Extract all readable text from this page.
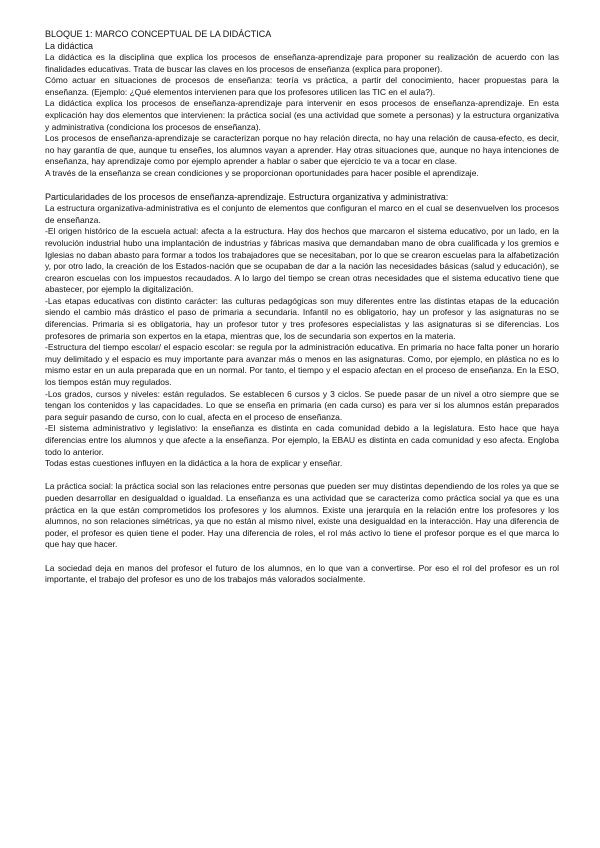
BLOQUE 1: MARCO CONCEPTUAL DE LA DIDÁCTICA

La didáctica

La didáctica es la disciplina que explica los procesos de enseñanza-aprendizaje para proponer su realización de acuerdo con las finalidades educativas. Trata de buscar las claves en los procesos de enseñanza (explica para proponer).

Cómo actuar en situaciones de procesos de enseñanza: teoría vs práctica, a partir del conocimiento, hacer propuestas para la enseñanza. (Ejemplo: ¿Qué elementos intervienen para que los profesores utilicen las TIC en el aula?).

La didáctica explica los procesos de enseñanza-aprendizaje para intervenir en esos procesos de enseñanza-aprendizaje. En esta explicación hay dos elementos que intervienen: la práctica social (es una actividad que somete a personas) y la estructura organizativa y administrativa (condiciona los procesos de enseñanza).

Los procesos de enseñanza-aprendizaje se caracterizan porque no hay relación directa, no hay una relación de causa-efecto, es decir, no hay garantía de que, aunque tu enseñes, los alumnos vayan a aprender. Hay otras situaciones que, aunque no haya intenciones de enseñanza, hay aprendizaje como por ejemplo aprender a hablar o saber que ejercicio te va a tocar en clase.

A través de la enseñanza se crean condiciones y se proporcionan oportunidades para hacer posible el aprendizaje.

Particularidades de los procesos de enseñanza-aprendizaje. Estructura organizativa y administrativa:

La estructura organizativa-administrativa es el conjunto de elementos que configuran el marco en el cual se desenvuelven los procesos de enseñanza.

-El origen histórico de la escuela actual: afecta a la estructura. Hay dos hechos que marcaron el sistema educativo, por un lado, en la revolución industrial hubo una implantación de industrias y fábricas masiva que demandaban mano de obra cualificada y los gremios e Iglesias no daban abasto para formar a todos los trabajadores que se necesitaban, por lo que se crearon escuelas para la alfabetización y, por otro lado, la creación de los Estados-nación que se ocupaban de dar a la nación las necesidades básicas (salud y educación), se crearon escuelas con los impuestos recaudados. A lo largo del tiempo se crean otras necesidades que el sistema educativo tiene que abastecer, por ejemplo la digitalización.

-Las etapas educativas con distinto carácter: las culturas pedagógicas son muy diferentes entre las distintas etapas de la educación siendo el cambio más drástico el paso de primaria a secundaria. Infantil no es obligatorio, hay un profesor y las asignaturas no se diferencias. Primaria si es obligatoria, hay un profesor tutor y tres profesores especialistas y las asignaturas si se diferencias. Los profesores de primaria son expertos en la etapa, mientras que, los de secundaria son expertos en la materia.

-Estructura del tiempo escolar/ el espacio escolar: se regula por la administración educativa. En primaria no hace falta poner un horario muy delimitado y el espacio es muy importante para avanzar más o menos en las asignaturas. Como, por ejemplo, en plástica no es lo mismo estar en un aula preparada que en un normal. Por tanto, el tiempo y el espacio afectan en el proceso de enseñanza. En la ESO, los tiempos están muy regulados.

-Los grados, cursos y niveles: están regulados. Se establecen 6 cursos y 3 ciclos. Se puede pasar de un nivel a otro siempre que se tengan los contenidos y las capacidades. Lo que se enseña en primaria (en cada curso) es para ver si los alumnos están preparados para seguir pasando de curso, con lo cual, afecta en el proceso de enseñanza.

-El sistema administrativo y legislativo: la enseñanza es distinta en cada comunidad debido a la legislatura. Esto hace que haya diferencias entre los alumnos y que afecte a la enseñanza. Por ejemplo, la EBAU es distinta en cada comunidad y eso afecta. Engloba todo lo anterior.

Todas estas cuestiones influyen en la didáctica a la hora de explicar y enseñar.

La práctica social: la práctica social son las relaciones entre personas que pueden ser muy distintas dependiendo de los roles ya que se pueden desarrollar en desigualdad o igualdad. La enseñanza es una actividad que se caracteriza como práctica social ya que es una práctica en la que están comprometidos los profesores y los alumnos. Existe una jerarquía en la relación entre los profesores y los alumnos, no son relaciones simétricas, ya que no están al mismo nivel, existe una desigualdad en la interacción. Hay una diferencia de poder, el profesor es quien tiene el poder. Hay una diferencia de roles, el rol más activo lo tiene el profesor porque es el que marca lo que hay que hacer.

La sociedad deja en manos del profesor el futuro de los alumnos, en lo que van a convertirse. Por eso el rol del profesor es un rol importante, el trabajo del profesor es uno de los trabajos más valorados socialmente.
